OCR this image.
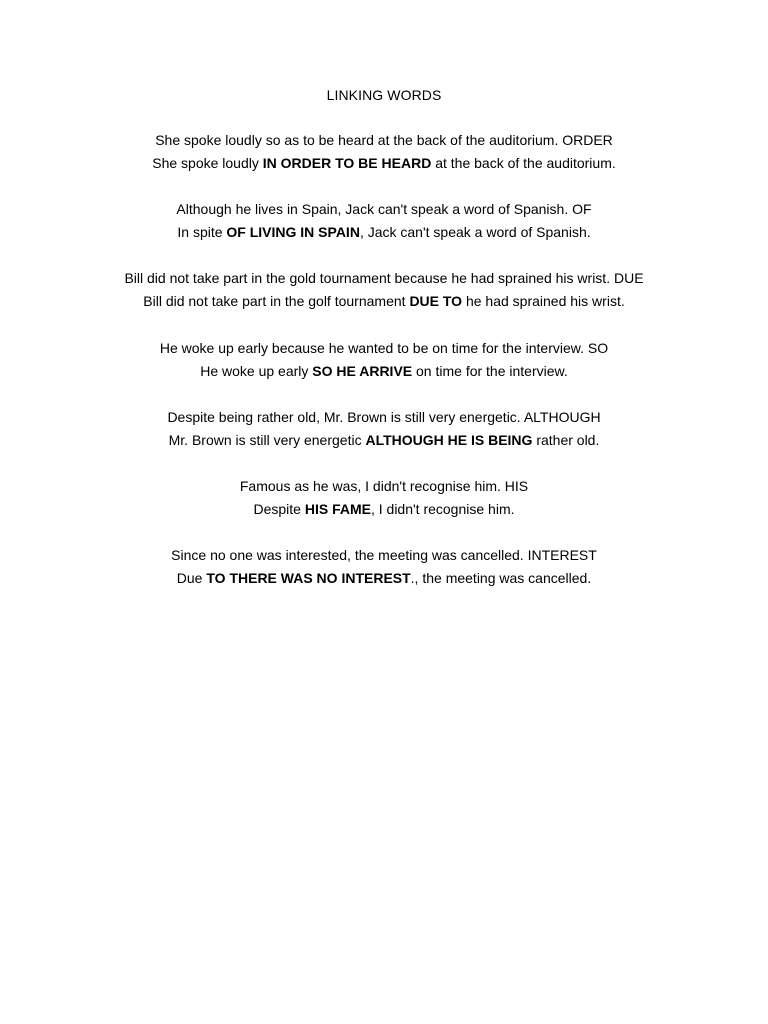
LINKING WORDS
She spoke loudly so as to be heard at the back of the auditorium. ORDER
She spoke loudly IN ORDER TO BE HEARD at the back of the auditorium.
Although he lives in Spain, Jack can't speak a word of Spanish. OF
In spite OF LIVING IN SPAIN, Jack can't speak a word of Spanish.
Bill did not take part in the gold tournament because he had sprained his wrist. DUE
Bill did not take part in the golf tournament DUE TO he had sprained his wrist.
He woke up early because he wanted to be on time for the interview. SO
He woke up early SO HE ARRIVE on time for the interview.
Despite being rather old, Mr. Brown is still very energetic. ALTHOUGH
Mr. Brown is still very energetic ALTHOUGH HE IS BEING rather old.
Famous as he was, I didn't recognise him. HIS
Despite HIS FAME, I didn't recognise him.
Since no one was interested, the meeting was cancelled. INTEREST
Due TO THERE WAS NO INTEREST., the meeting was cancelled.
